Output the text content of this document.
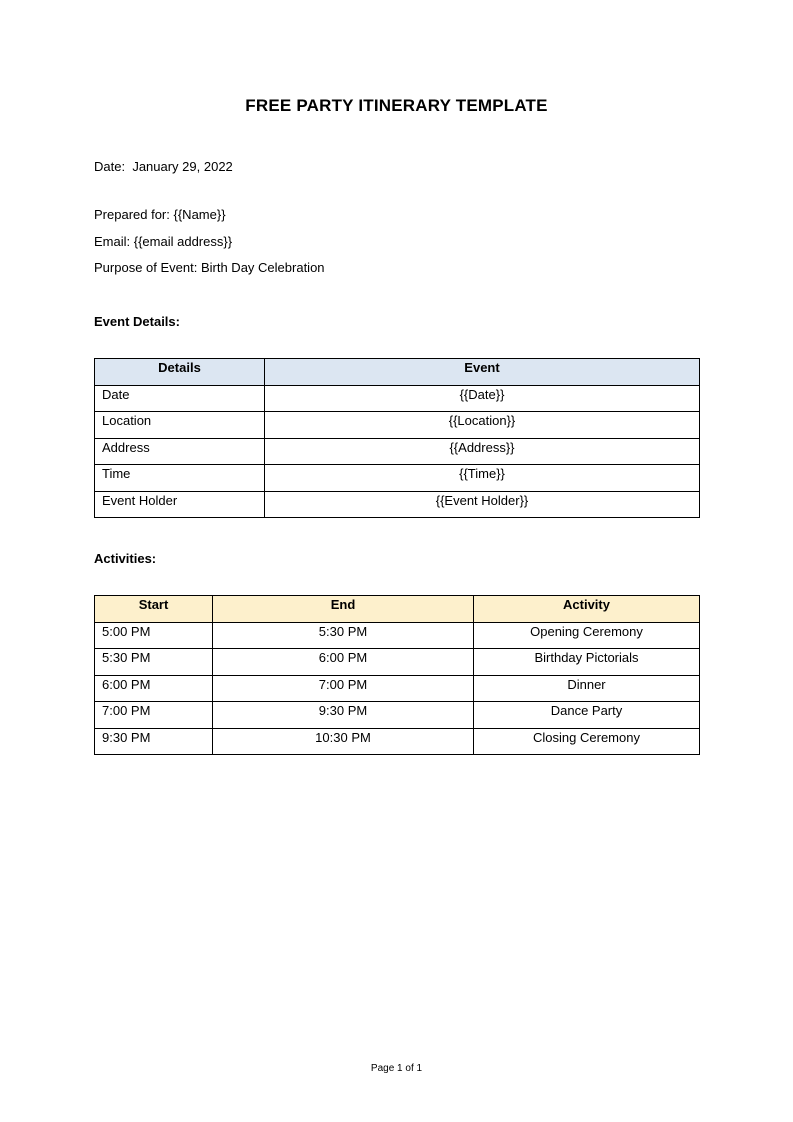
FREE PARTY ITINERARY TEMPLATE
Date: January 29, 2022
Prepared for: {{Name}}
Email: {{email address}}
Purpose of Event: Birth Day Celebration
Event Details:
Details	Event
Date	{{Date}}
Location	{{Location}}
Address	{{Address}}
Time	{{Time}}
Event Holder	{{Event Holder}}
Activities:
Start	End	Activity
5:00 PM	5:30 PM	Opening Ceremony
5:30 PM	6:00 PM	Birthday Pictorials
6:00 PM	7:00 PM	Dinner
7:00 PM	9:30 PM	Dance Party
9:30 PM	10:30 PM	Closing Ceremony
Page 1 of 1
